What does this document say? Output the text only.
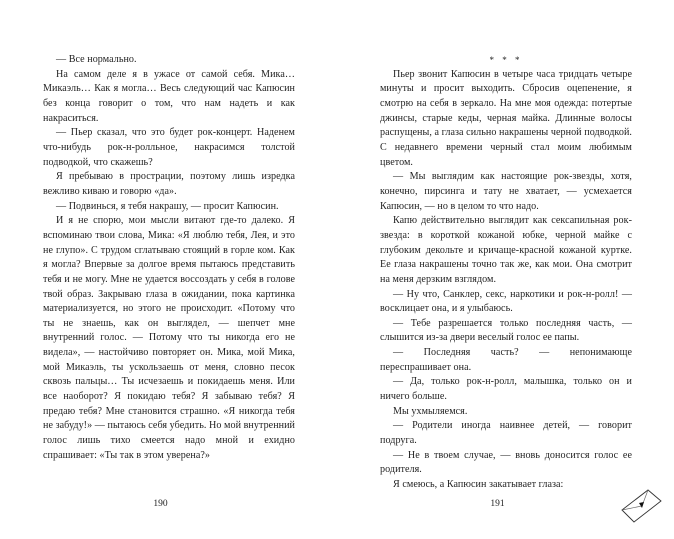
— Все нормально.

На самом деле я в ужасе от самой себя. Мика… Микаэль… Как я могла… Весь следующий час Капюсин без конца говорит о том, что нам надеть и как накраситься.

— Пьер сказал, что это будет рок-концерт. Наденем что-нибудь рок-н-ролльное, накрасимся толстой подводкой, что скажешь?

Я пребываю в прострации, поэтому лишь изредка вежливо киваю и говорю «да».

— Подвинься, я тебя накрашу, — просит Капюсин.

И я не спорю, мои мысли витают где-то далеко. Я вспоминаю твои слова, Мика: «Я люблю тебя, Лея, и это не глупо». С трудом сглатываю стоящий в горле ком. Как я могла? Впервые за долгое время пытаюсь представить тебя и не могу. Мне не удается воссоздать у себя в голове твой образ. Закрываю глаза в ожидании, пока картинка материализуется, но этого не происходит. «Потому что ты не знаешь, как он выглядел, — шепчет мне внутренний голос. — Потому что ты никогда его не видела», — настойчиво повторяет он. Мика, мой Мика, мой Микаэль, ты ускользаешь от меня, словно песок сквозь пальцы… Ты исчезаешь и покидаешь меня. Или все наоборот? Я покидаю тебя? Я забываю тебя? Я предаю тебя? Мне становится страшно. «Я никогда тебя не забуду!» — пытаюсь себя убедить. Но мой внутренний голос лишь тихо смеется надо мной и ехидно спрашивает: «Ты так в этом уверена?»

190

* * *

Пьер звонит Капюсин в четыре часа тридцать четыре минуты и просит выходить. Сбросив оцепенение, я смотрю на себя в зеркало. На мне моя одежда: потертые джинсы, старые кеды, черная майка. Длинные волосы распущены, а глаза сильно накрашены черной подводкой. С недавнего времени черный стал моим любимым цветом.

— Мы выглядим как настоящие рок-звезды, хотя, конечно, пирсинга и тату не хватает, — усмехается Капюсин, — но в целом то что надо.

Капю действительно выглядит как сексапильная рок-звезда: в короткой кожаной юбке, черной майке с глубоким декольте и кричаще-красной кожаной куртке. Ее глаза накрашены точно так же, как мои. Она смотрит на меня дерзким взглядом.

— Ну что, Санклер, секс, наркотики и рок-н-ролл! — восклицает она, и я улыбаюсь.

— Тебе разрешается только последняя часть, — слышится из-за двери веселый голос ее папы.

— Последняя часть? — непонимающе переспрашивает она.

— Да, только рок-н-ролл, малышка, только он и ничего больше.

Мы ухмыляемся.

— Родители иногда наивнее детей, — говорит подруга.

— Не в твоем случае, — вновь доносится голос ее родителя.

Я смеюсь, а Капюсин закатывает глаза:

191
